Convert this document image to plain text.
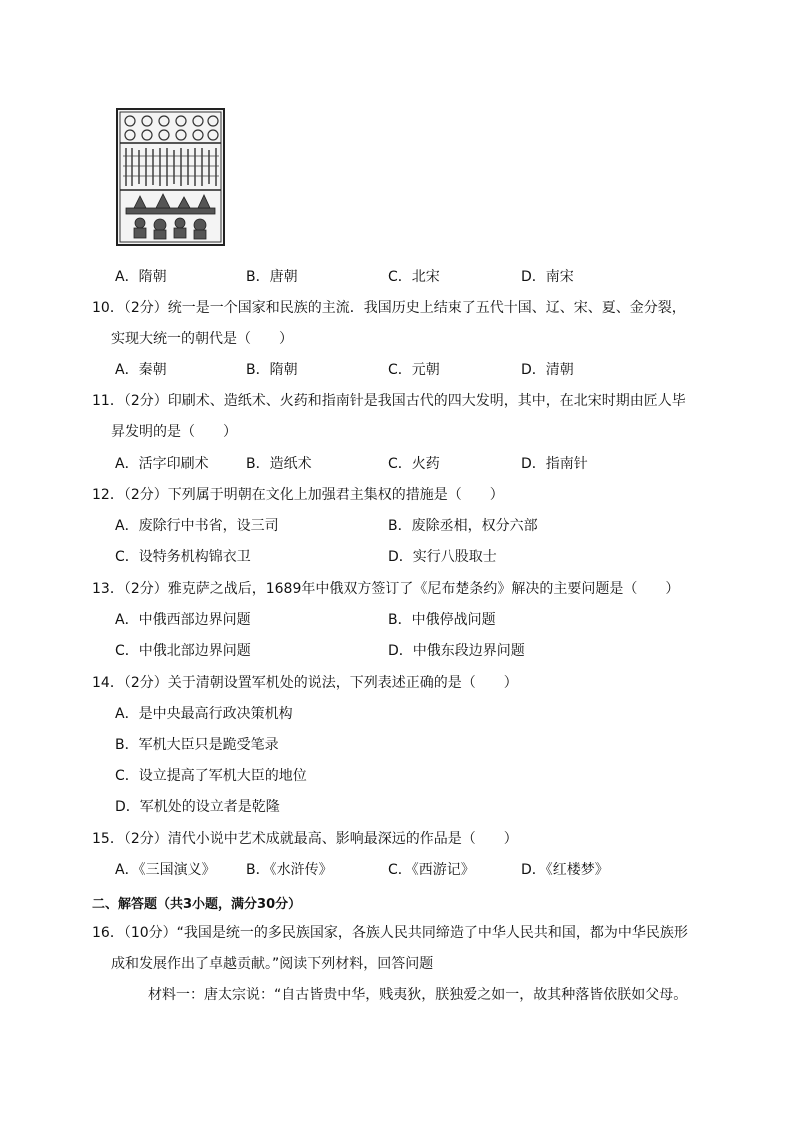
A．隋朝	B．唐朝	C．北宋	D．南宋
10．（2分）统一是一个国家和民族的主流．我国历史上结束了五代十国、辽、宋、夏、金分裂，
实现大统一的朝代是（　　）
A．秦朝	B．隋朝	C．元朝	D．清朝
11．（2分）印刷术、造纸术、火药和指南针是我国古代的四大发明，其中，在北宋时期由匠人毕
昇发明的是（　　）
A．活字印刷术	B．造纸术	C．火药	D．指南针
12．（2分）下列属于明朝在文化上加强君主集权的措施是（　　）
A．废除行中书省，设三司	B．废除丞相，权分六部
C．设特务机构锦衣卫	D．实行八股取士
13．（2分）雅克萨之战后，1689年中俄双方签订了《尼布楚条约》解决的主要问题是（　　）
A．中俄西部边界问题	B．中俄停战问题
C．中俄北部边界问题	D．中俄东段边界问题
14．（2分）关于清朝设置军机处的说法，下列表述正确的是（　　）
A．是中央最高行政决策机构
B．军机大臣只是跪受笔录
C．设立提高了军机大臣的地位
D．军机处的设立者是乾隆
15．（2分）清代小说中艺术成就最高、影响最深远的作品是（　　）
A．《三国演义》 B．《水浒传》	C．《西游记》	D．《红楼梦》
二、解答题（共3小题，满分30分）
16．（10分）“我国是统一的多民族国家，各族人民共同缔造了中华人民共和国，都为中华民族形
成和发展作出了卓越贡献。”阅读下列材料，回答问题
材料一：唐太宗说：“自古皆贵中华，贱夷狄，朕独爱之如一，故其种落皆依朕如父母。
